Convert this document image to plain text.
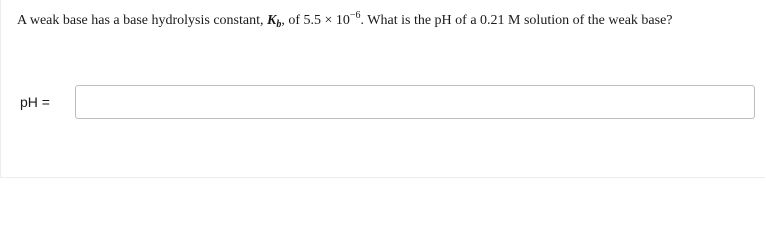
A weak base has a base hydrolysis constant, $K_b$, of $5.5 \times 10^{-6}$. What is the pH of a 0.21 M solution of the weak base?
pH =
